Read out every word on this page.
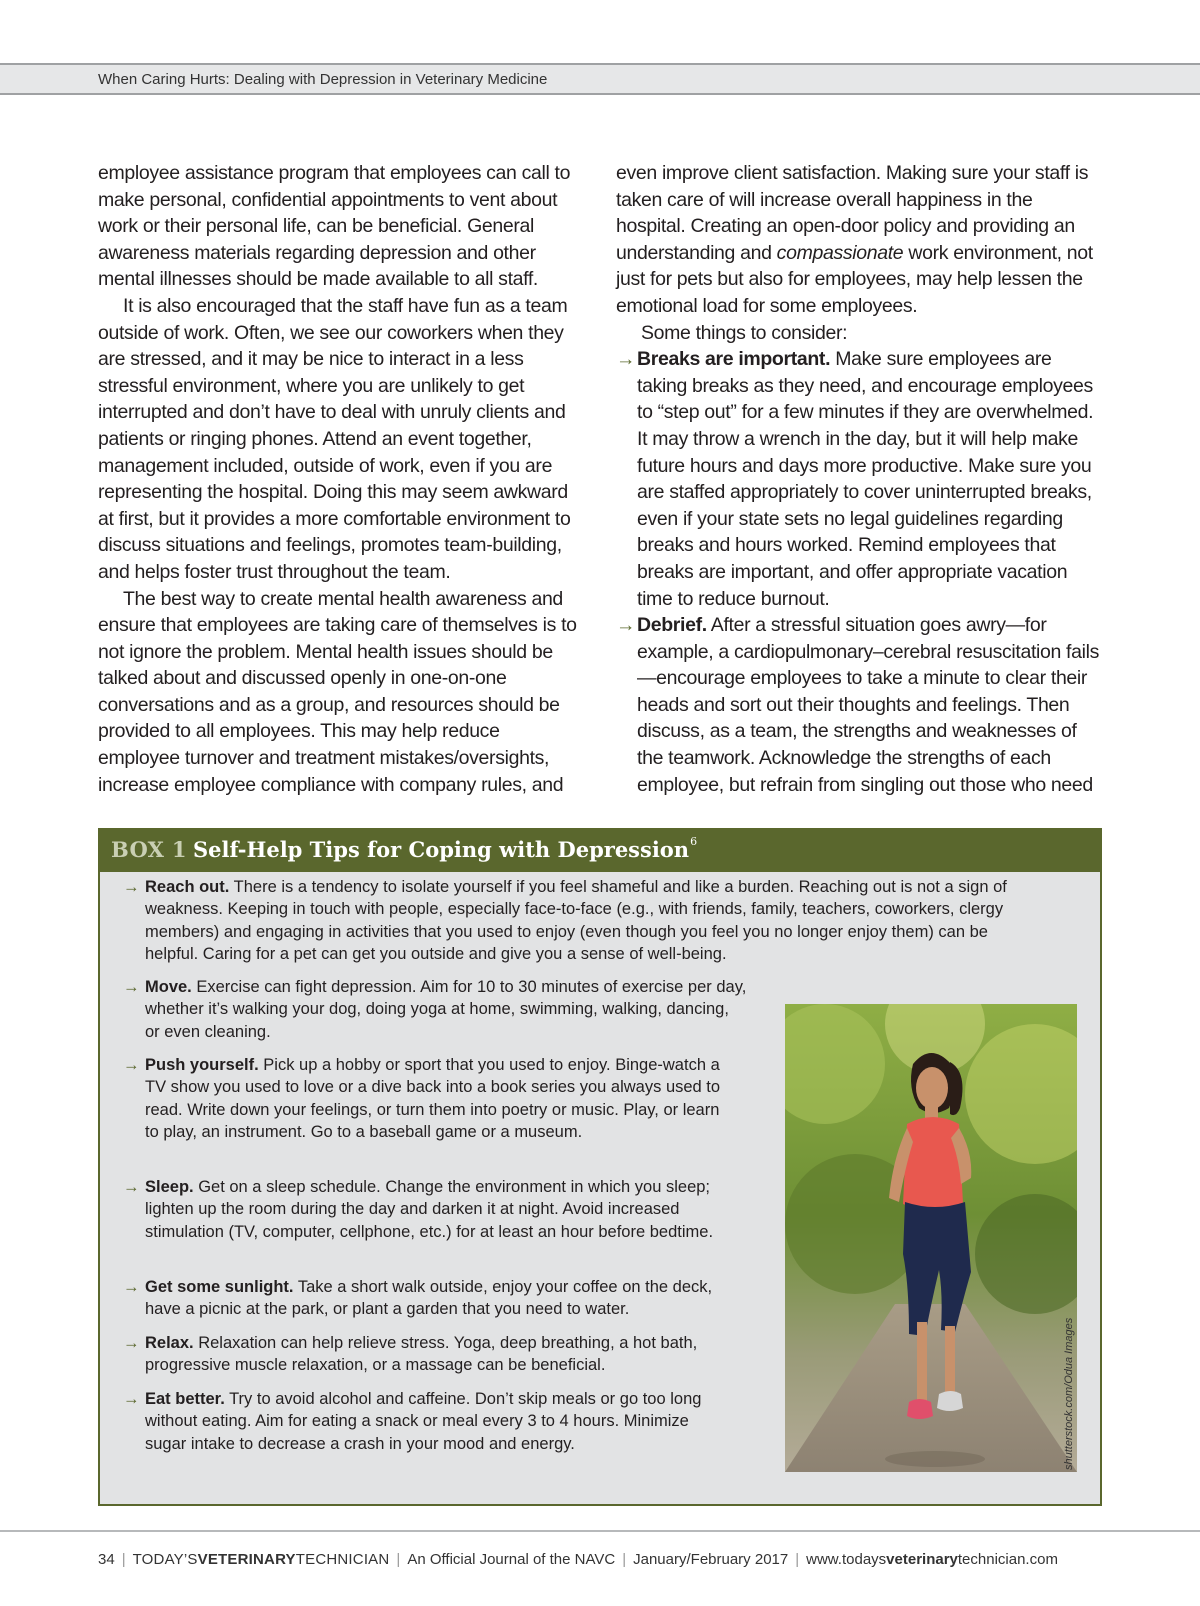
When Caring Hurts: Dealing with Depression in Veterinary Medicine

employee assistance program that employees can call to make personal, confidential appointments to vent about work or their personal life, can be beneficial. General awareness materials regarding depression and other mental illnesses should be made available to all staff.

It is also encouraged that the staff have fun as a team outside of work. Often, we see our coworkers when they are stressed, and it may be nice to interact in a less stressful environment, where you are unlikely to get interrupted and don’t have to deal with unruly clients and patients or ringing phones. Attend an event together, management included, outside of work, even if you are representing the hospital. Doing this may seem awkward at first, but it provides a more comfortable environment to discuss situations and feelings, promotes team-building, and helps foster trust throughout the team.

The best way to create mental health awareness and ensure that employees are taking care of themselves is to not ignore the problem. Mental health issues should be talked about and discussed openly in one-on-one conversations and as a group, and resources should be provided to all employees. This may help reduce employee turnover and treatment mistakes/oversights, increase employee compliance with company rules, and

even improve client satisfaction. Making sure your staff is taken care of will increase overall happiness in the hospital. Creating an open-door policy and providing an understanding and compassionate work environment, not just for pets but also for employees, may help lessen the emotional load for some employees.

Some things to consider:

→ Breaks are important. Make sure employees are taking breaks as they need, and encourage employees to “step out” for a few minutes if they are overwhelmed. It may throw a wrench in the day, but it will help make future hours and days more productive. Make sure you are staffed appropriately to cover uninterrupted breaks, even if your state sets no legal guidelines regarding breaks and hours worked. Remind employees that breaks are important, and offer appropriate vacation time to reduce burnout.
→ Debrief. After a stressful situation goes awry—for example, a cardiopulmonary–cerebral resuscitation fails—encourage employees to take a minute to clear their heads and sort out their thoughts and feelings. Then discuss, as a team, the strengths and weaknesses of the teamwork. Acknowledge the strengths of each employee, but refrain from singling out those who need
BOX 1 Self-Help Tips for Coping with Depression$^6$
→ Reach out. There is a tendency to isolate yourself if you feel shameful and like a burden. Reaching out is not a sign of weakness. Keeping in touch with people, especially face-to-face (e.g., with friends, family, teachers, coworkers, clergy members) and engaging in activities that you used to enjoy (even though you feel you no longer enjoy them) can be helpful. Caring for a pet can get you outside and give you a sense of well-being.
→ Move. Exercise can fight depression. Aim for 10 to 30 minutes of exercise per day, whether it’s walking your dog, doing yoga at home, swimming, walking, dancing, or even cleaning.
→ Push yourself. Pick up a hobby or sport that you used to enjoy. Binge-watch a TV show you used to love or a dive back into a book series you always used to read. Write down your feelings, or turn them into poetry or music. Play, or learn to play, an instrument. Go to a baseball game or a museum.
→ Sleep. Get on a sleep schedule. Change the environment in which you sleep; lighten up the room during the day and darken it at night. Avoid increased stimulation (TV, computer, cellphone, etc.) for at least an hour before bedtime.
→ Get some sunlight. Take a short walk outside, enjoy your coffee on the deck, have a picnic at the park, or plant a garden that you need to water.
→ Relax. Relaxation can help relieve stress. Yoga, deep breathing, a hot bath, progressive muscle relaxation, or a massage can be beneficial.
→ Eat better. Try to avoid alcohol and caffeine. Don’t skip meals or go too long without eating. Aim for eating a snack or meal every 3 to 4 hours. Minimize sugar intake to decrease a crash in your mood and energy.	shutterstock.com/Odua Images
34 | TODAY’SVETERINARYTECHNICIAN | An Official Journal of the NAVC | January/February 2017 | www.todaysveterinarytechnician.com
